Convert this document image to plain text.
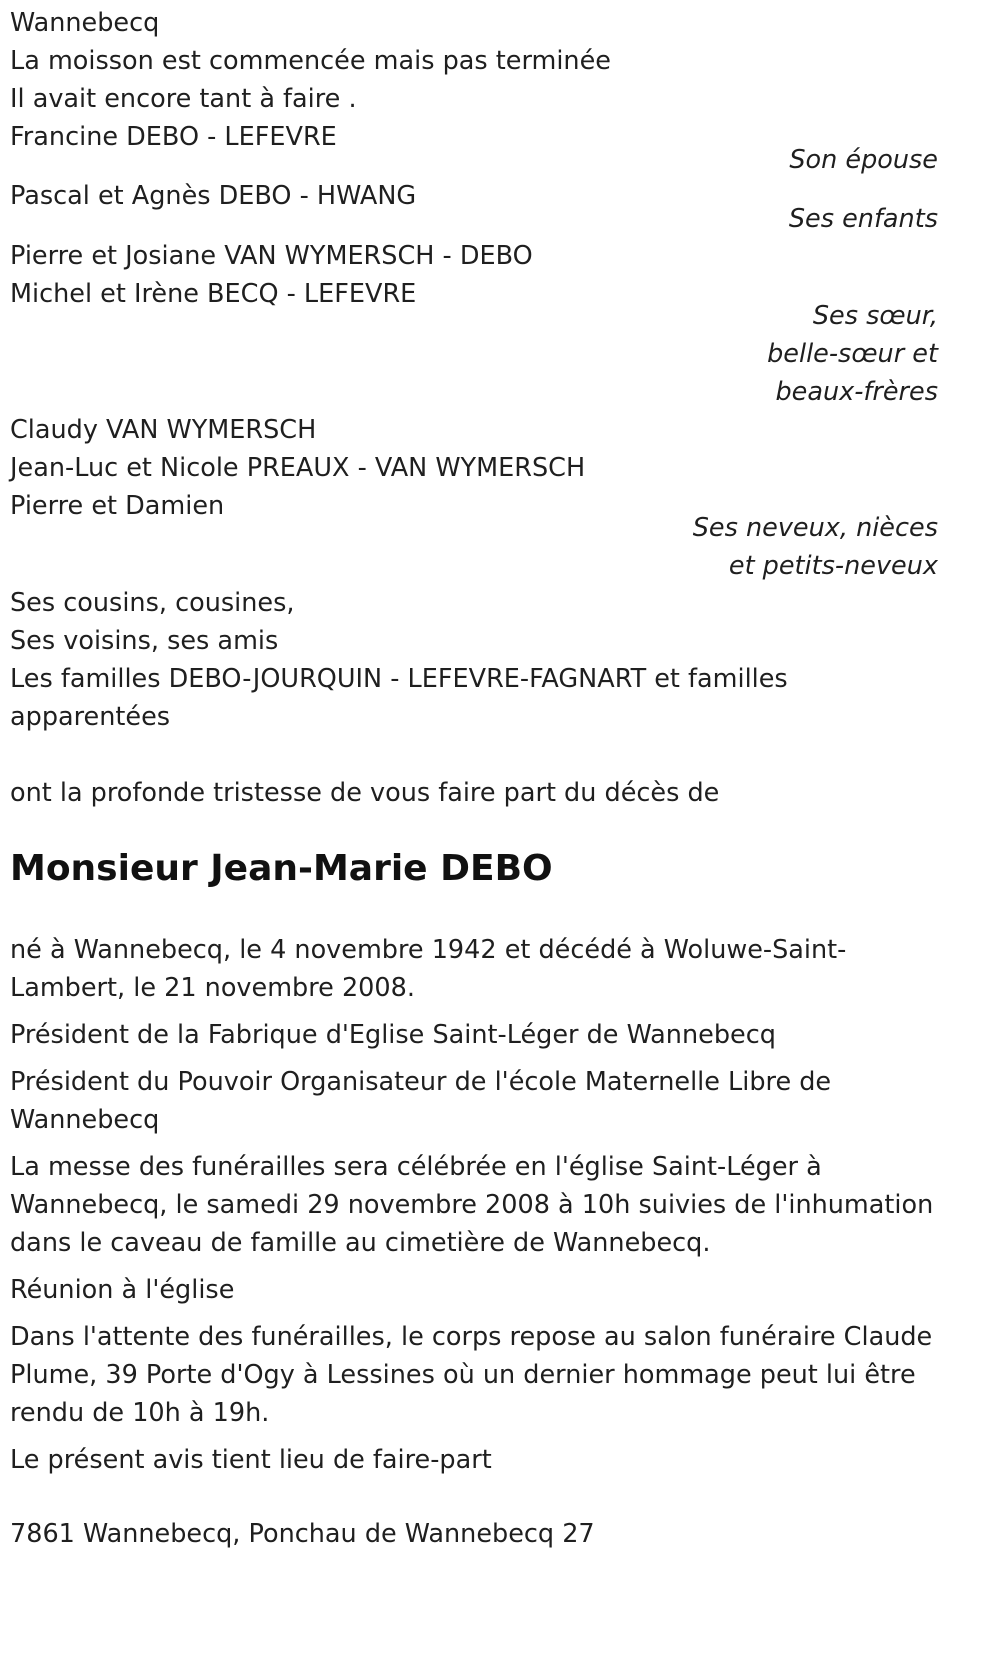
Wannebecq
La moisson est commencée mais pas terminée
Il avait encore tant à faire .
Francine DEBO - LEFEVRE
Son épouse
Pascal et Agnès DEBO - HWANG
Ses enfants
Pierre et Josiane VAN WYMERSCH - DEBO
Michel et Irène BECQ - LEFEVRE
Ses sœur,
belle-sœur et
beaux-frères
Claudy VAN WYMERSCH
Jean-Luc et Nicole PREAUX - VAN WYMERSCH
Pierre et Damien
Ses neveux, nièces
et petits-neveux
Ses cousins, cousines,
Ses voisins, ses amis
Les familles DEBO-JOURQUIN - LEFEVRE-FAGNART et familles
apparentées
ont la profonde tristesse de vous faire part du décès de
Monsieur Jean-Marie DEBO
né à Wannebecq, le 4 novembre 1942 et décédé à Woluwe-Saint-
Lambert, le 21 novembre 2008.
Président de la Fabrique d'Eglise Saint-Léger de Wannebecq
Président du Pouvoir Organisateur de l'école Maternelle Libre de
Wannebecq
La messe des funérailles sera célébrée en l'église Saint-Léger à
Wannebecq, le samedi 29 novembre 2008 à 10h suivies de l'inhumation
dans le caveau de famille au cimetière de Wannebecq.
Réunion à l'église
Dans l'attente des funérailles, le corps repose au salon funéraire Claude
Plume, 39 Porte d'Ogy à Lessines où un dernier hommage peut lui être
rendu de 10h à 19h.
Le présent avis tient lieu de faire-part
7861 Wannebecq, Ponchau de Wannebecq 27
